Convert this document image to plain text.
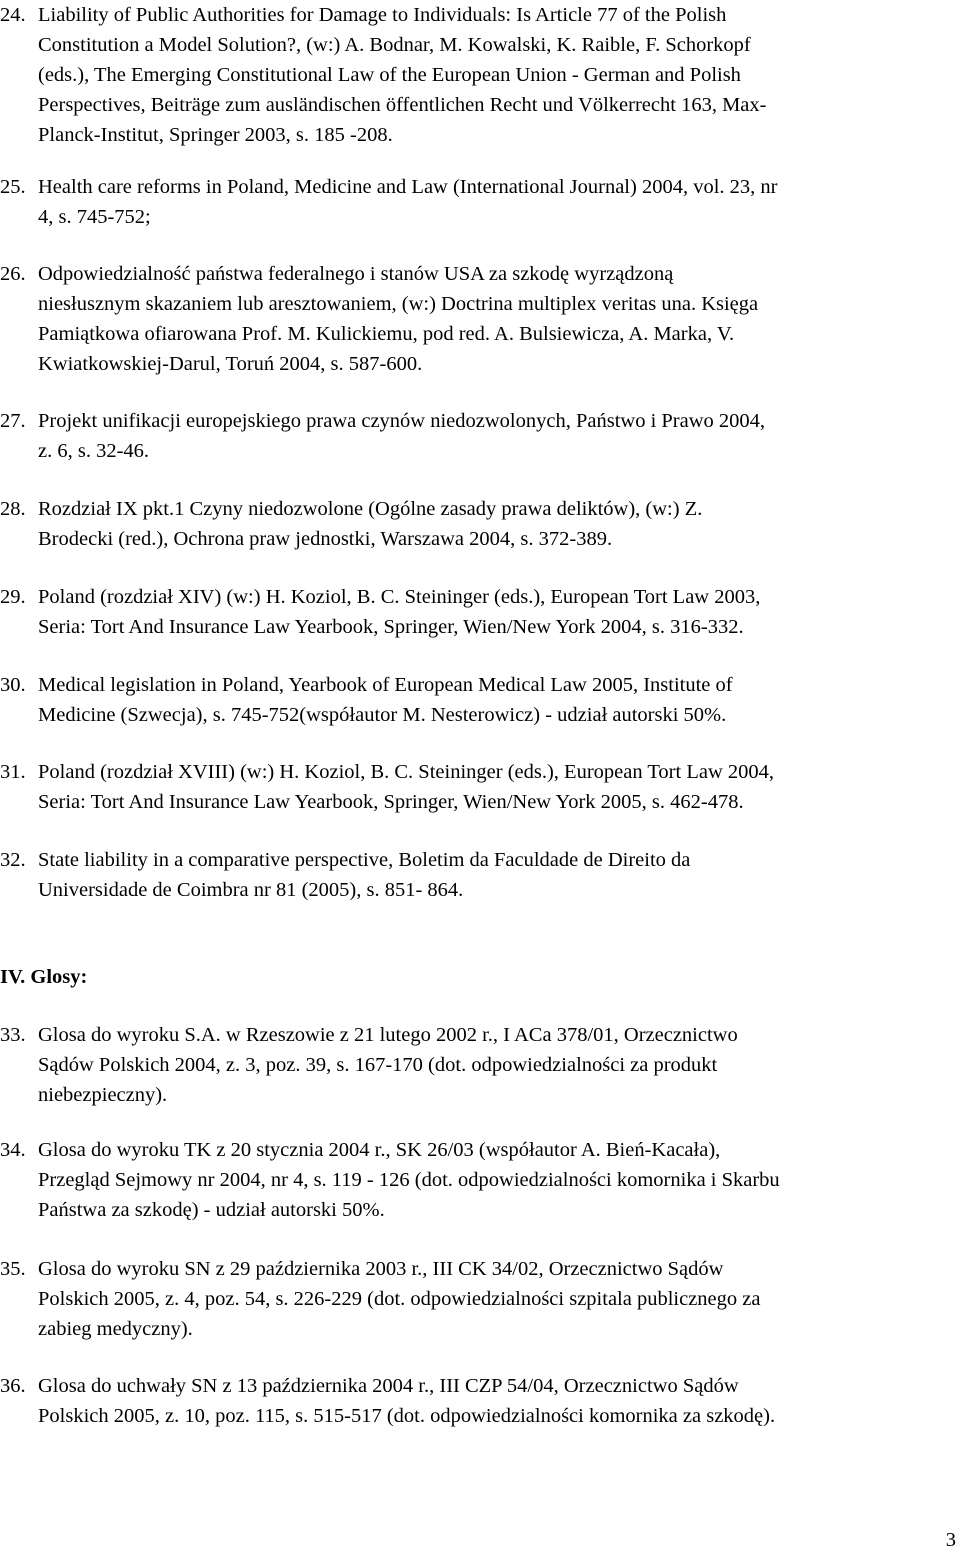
24. Liability of Public Authorities for Damage to Individuals: Is Article 77 of the Polish
Constitution a Model Solution?, (w:) A. Bodnar, M. Kowalski, K. Raible, F. Schorkopf
(eds.), The Emerging Constitutional Law of the European Union - German and Polish
Perspectives, Beiträge zum ausländischen öffentlichen Recht und Völkerrecht 163, Max-
Planck-Institut, Springer 2003, s. 185 -208.
25. Health care reforms in Poland, Medicine and Law (International Journal) 2004, vol. 23, nr
4, s. 745-752;
26. Odpowiedzialność państwa federalnego i stanów USA za szkodę wyrządzoną
niesłusznym skazaniem lub aresztowaniem, (w:) Doctrina multiplex veritas una. Księga
Pamiątkowa ofiarowana Prof. M. Kulickiemu, pod red. A. Bulsiewicza, A. Marka, V.
Kwiatkowskiej-Darul, Toruń 2004, s. 587-600.
27. Projekt unifikacji europejskiego prawa czynów niedozwolonych, Państwo i Prawo 2004,
z. 6, s. 32-46.
28. Rozdział IX pkt.1 Czyny niedozwolone (Ogólne zasady prawa deliktów), (w:) Z.
Brodecki (red.), Ochrona praw jednostki, Warszawa 2004, s. 372-389.
29. Poland (rozdział XIV) (w:) H. Koziol, B. C. Steininger (eds.), European Tort Law 2003,
Seria: Tort And Insurance Law Yearbook, Springer, Wien/New York 2004, s. 316-332.
30. Medical legislation in Poland, Yearbook of European Medical Law 2005, Institute of
Medicine (Szwecja), s. 745-752(współautor M. Nesterowicz) - udział autorski 50%.
31. Poland (rozdział XVIII) (w:) H. Koziol, B. C. Steininger (eds.), European Tort Law 2004,
Seria: Tort And Insurance Law Yearbook, Springer, Wien/New York 2005, s. 462-478.
32. State liability in a comparative perspective, Boletim da Faculdade de Direito da
Universidade de Coimbra nr 81 (2005), s. 851- 864.
IV. Glosy:
33. Glosa do wyroku S.A. w Rzeszowie z 21 lutego 2002 r., I ACa 378/01, Orzecznictwo
Sądów Polskich 2004, z. 3, poz. 39, s. 167-170 (dot. odpowiedzialności za produkt
niebezpieczny).
34. Glosa do wyroku TK z 20 stycznia 2004 r., SK 26/03 (współautor A. Bień-Kacała),
Przegląd Sejmowy nr 2004, nr 4, s. 119 - 126 (dot. odpowiedzialności komornika i Skarbu
Państwa za szkodę) - udział autorski 50%.
35. Glosa do wyroku SN z 29 października 2003 r., III CK 34/02, Orzecznictwo Sądów
Polskich 2005, z. 4, poz. 54, s. 226-229 (dot. odpowiedzialności szpitala publicznego za
zabieg medyczny).
36. Glosa do uchwały SN z 13 października 2004 r., III CZP 54/04, Orzecznictwo Sądów
Polskich 2005, z. 10, poz. 115, s. 515-517 (dot. odpowiedzialności komornika za szkodę).
3
